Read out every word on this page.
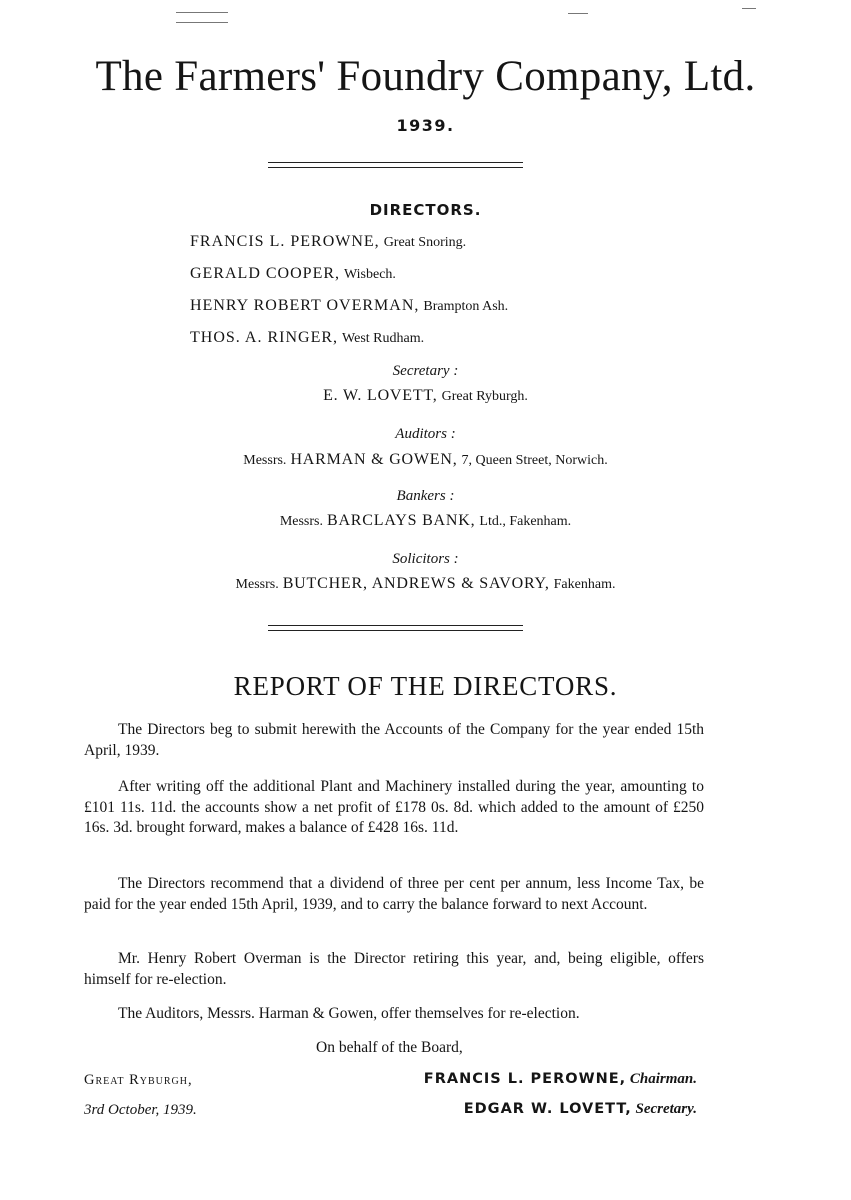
The Farmers' Foundry Company, Ltd.
1939.
DIRECTORS.
FRANCIS L. PEROWNE, Great Snoring.
GERALD COOPER, Wisbech.
HENRY ROBERT OVERMAN, Brampton Ash.
THOS. A. RINGER, West Rudham.
Secretary :
E. W. LOVETT, Great Ryburgh.
Auditors :
Messrs. HARMAN & GOWEN, 7, Queen Street, Norwich.
Bankers :
Messrs. BARCLAYS BANK, Ltd., Fakenham.
Solicitors :
Messrs. BUTCHER, ANDREWS & SAVORY, Fakenham.
REPORT OF THE DIRECTORS.

The Directors beg to submit herewith the Accounts of the Company for the year ended 15th April, 1939.

After writing off the additional Plant and Machinery installed during the year, amounting to £101 11s. 11d. the accounts show a net profit of £178 0s. 8d. which added to the amount of £250 16s. 3d. brought forward, makes a balance of £428 16s. 11d.

The Directors recommend that a dividend of three per cent per annum, less Income Tax, be paid for the year ended 15th April, 1939, and to carry the balance forward to next Account.

Mr. Henry Robert Overman is the Director retiring this year, and, being eligible, offers himself for re-election.

The Auditors, Messrs. Harman & Gowen, offer themselves for re-election.

On behalf of the Board,
Great Ryburgh,
3rd October, 1939.
FRANCIS L. PEROWNE, Chairman.
EDGAR W. LOVETT, Secretary.
